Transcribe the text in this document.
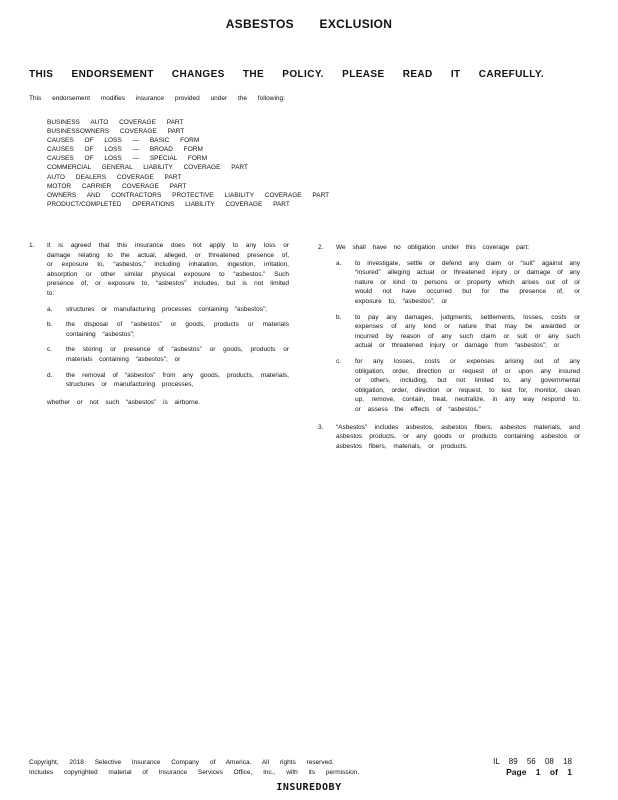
ASBESTOS EXCLUSION
THIS ENDORSEMENT CHANGES THE POLICY. PLEASE READ IT CAREFULLY.
This endorsement modifies insurance provided under the following:
BUSINESS AUTO COVERAGE PART
BUSINESSOWNERS COVERAGE PART
CAUSES OF LOSS — BASIC FORM
CAUSES OF LOSS — BROAD FORM
CAUSES OF LOSS — SPECIAL FORM
COMMERCIAL GENERAL LIABILITY COVERAGE PART
AUTO DEALERS COVERAGE PART
MOTOR CARRIER COVERAGE PART
OWNERS AND CONTRACTORS PROTECTIVE LIABILITY COVERAGE PART
PRODUCT/COMPLETED OPERATIONS LIABILITY COVERAGE PART
1. It is agreed that this insurance does not apply to any loss or damage relating to the actual, alleged, or threatened presence of, or exposure to, “asbestos,” including inhalation, ingestion, irritation, absorption or other similar physical exposure to “asbestos.” Such presence of, or exposure to, “asbestos” includes, but is not limited to:
a. structures or manufacturing processes containing “asbestos”;
b. the disposal of “asbestos” or goods, products or materials containing “asbestos”;
c. the storing or presence of “asbestos” or goods, products or materials containing “asbestos”; or
d. the removal of “asbestos” from any goods, products, materials, structures or manufacturing processes,
whether or not such “asbestos” is airborne.
2. We shall have no obligation under this coverage part:
a. to investigate, settle or defend any claim or “suit” against any “insured” alleging actual or threatened injury or damage of any nature or kind to persons or property which arises out of or would not have occurred but for the presence of, or exposure to, “asbestos”; or
b. to pay any damages, judgments, settlements, losses, costs or expenses of any kind or nature that may be awarded or incurred by reason of any such claim or suit or any such actual or threatened injury or damage from “asbestos”; or
c. for any losses, costs or expenses arising out of any obligation, order, direction or request of or upon any insured or others, including, but not limited to, any governmental obligation, order, direction or request, to test for, monitor, clean up, remove, contain, treat, neutralize, in any way respond to, or assess the effects of “asbestos.”
3. “Asbestos” includes asbestos, asbestos fibers, asbestos materials, and asbestos products, or any goods or products containing asbestos or asbestos fibers, materials, or products.
Copyright, 2018 Selective Insurance Company of America. All rights reserved.
Includes copyrighted material of Insurance Services Office, Inc., with its permission.
IL 89 56 08 18
Page 1 of 1
INSUREDOBY
